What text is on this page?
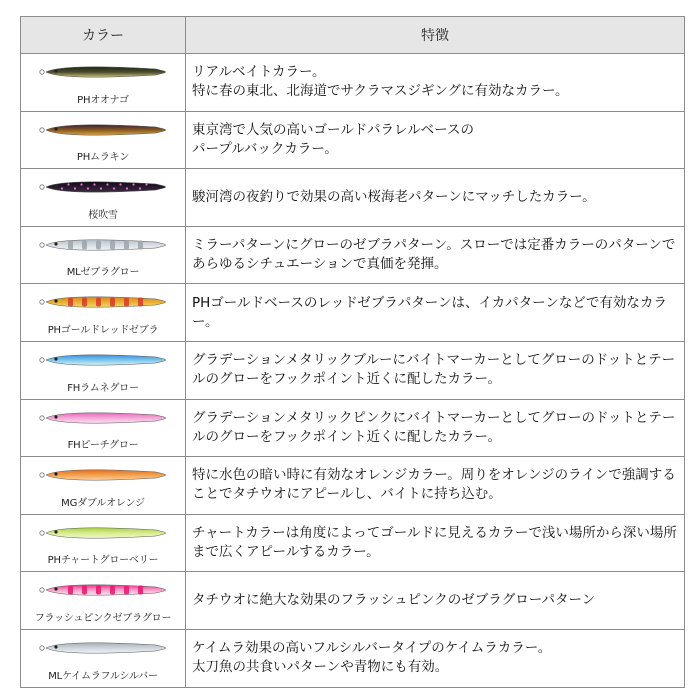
カラー	特徴

PHオオナゴ	リアルベイトカラー。
特に春の東北、北海道でサクラマスジギングに有効なカラー。

PHムラキン	東京湾で人気の高いゴールドパラレルベースの
パープルバックカラー。

桜吹雪	駿河湾の夜釣りで効果の高い桜海老パターンにマッチしたカラー。

MLゼブラグロー	ミラーパターンにグローのゼブラパターン。スローでは定番カラーのパターンであらゆるシチュエーションで真価を発揮。

PHゴールドレッドゼブラ	PHゴールドベースのレッドゼブラパターンは、イカパターンなどで有効なカラー。

FHラムネグロー	グラデーションメタリックブルーにバイトマーカーとしてグローのドットとテールのグローをフックポイント近くに配したカラー。

FHピーチグロー	グラデーションメタリックピンクにバイトマーカーとしてグローのドットとテールのグローをフックポイント近くに配したカラー。

MGダブルオレンジ	特に水色の暗い時に有効なオレンジカラー。周りをオレンジのラインで強調することでタチウオにアピールし、バイトに持ち込む。

PHチャートグローベリー	チャートカラーは角度によってゴールドに見えるカラーで浅い場所から深い場所まで広くアピールするカラー。

フラッシュピンクゼブラグロー	タチウオに絶大な効果のフラッシュピンクのゼブラグローパターン

MLケイムラフルシルバー	ケイムラ効果の高いフルシルバータイプのケイムラカラー。
太刀魚の共食いパターンや青物にも有効。
